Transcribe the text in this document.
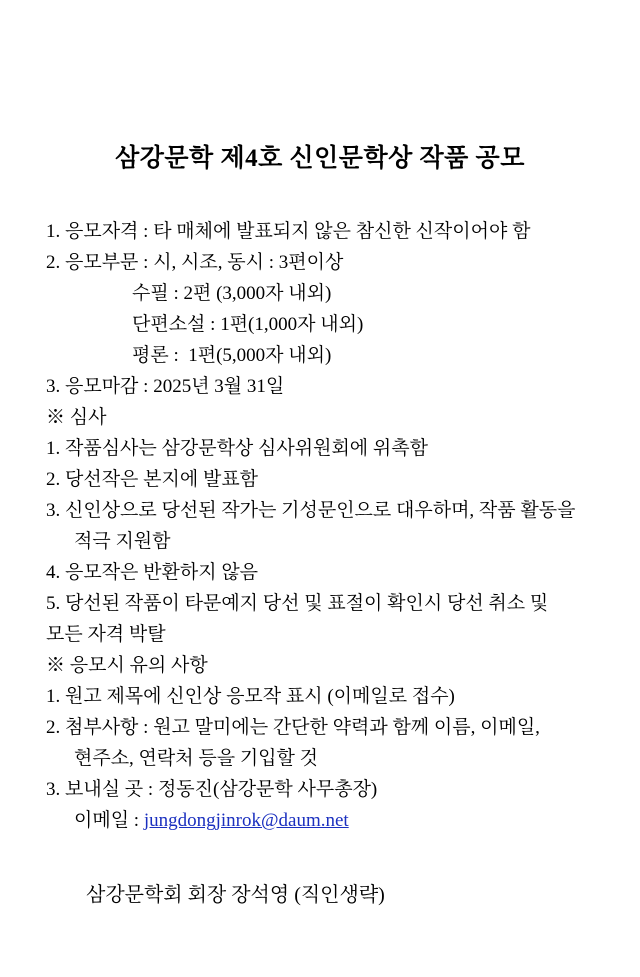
삼강문학 제4호 신인문학상 작품 공모
1. 응모자격 : 타 매체에 발표되지 않은 참신한 신작이어야 함
2. 응모부문 : 시, 시조, 동시 : 3편이상
수필 : 2편 (3,000자 내외)
단편소설 : 1편(1,000자 내외)
평론 :  1편(5,000자 내외)
3. 응모마감 : 2025년 3월 31일
※ 심사
1. 작품심사는 삼강문학상 심사위원회에 위촉함
2. 당선작은 본지에 발표함
3. 신인상으로 당선된 작가는 기성문인으로 대우하며, 작품 활동을
적극 지원함
4. 응모작은 반환하지 않음
5. 당선된 작품이 타문예지 당선 및 표절이 확인시 당선 취소 및
모든 자격 박탈
※ 응모시 유의 사항
1. 원고 제목에 신인상 응모작 표시 (이메일로 접수)
2. 첨부사항 : 원고 말미에는 간단한 약력과 함께 이름, 이메일,
현주소, 연락처 등을 기입할 것
3. 보내실 곳 : 정동진(삼강문학 사무총장)
이메일 : jungdongjinrok@daum.net
삼강문학회 회장 장석영 (직인생략)
